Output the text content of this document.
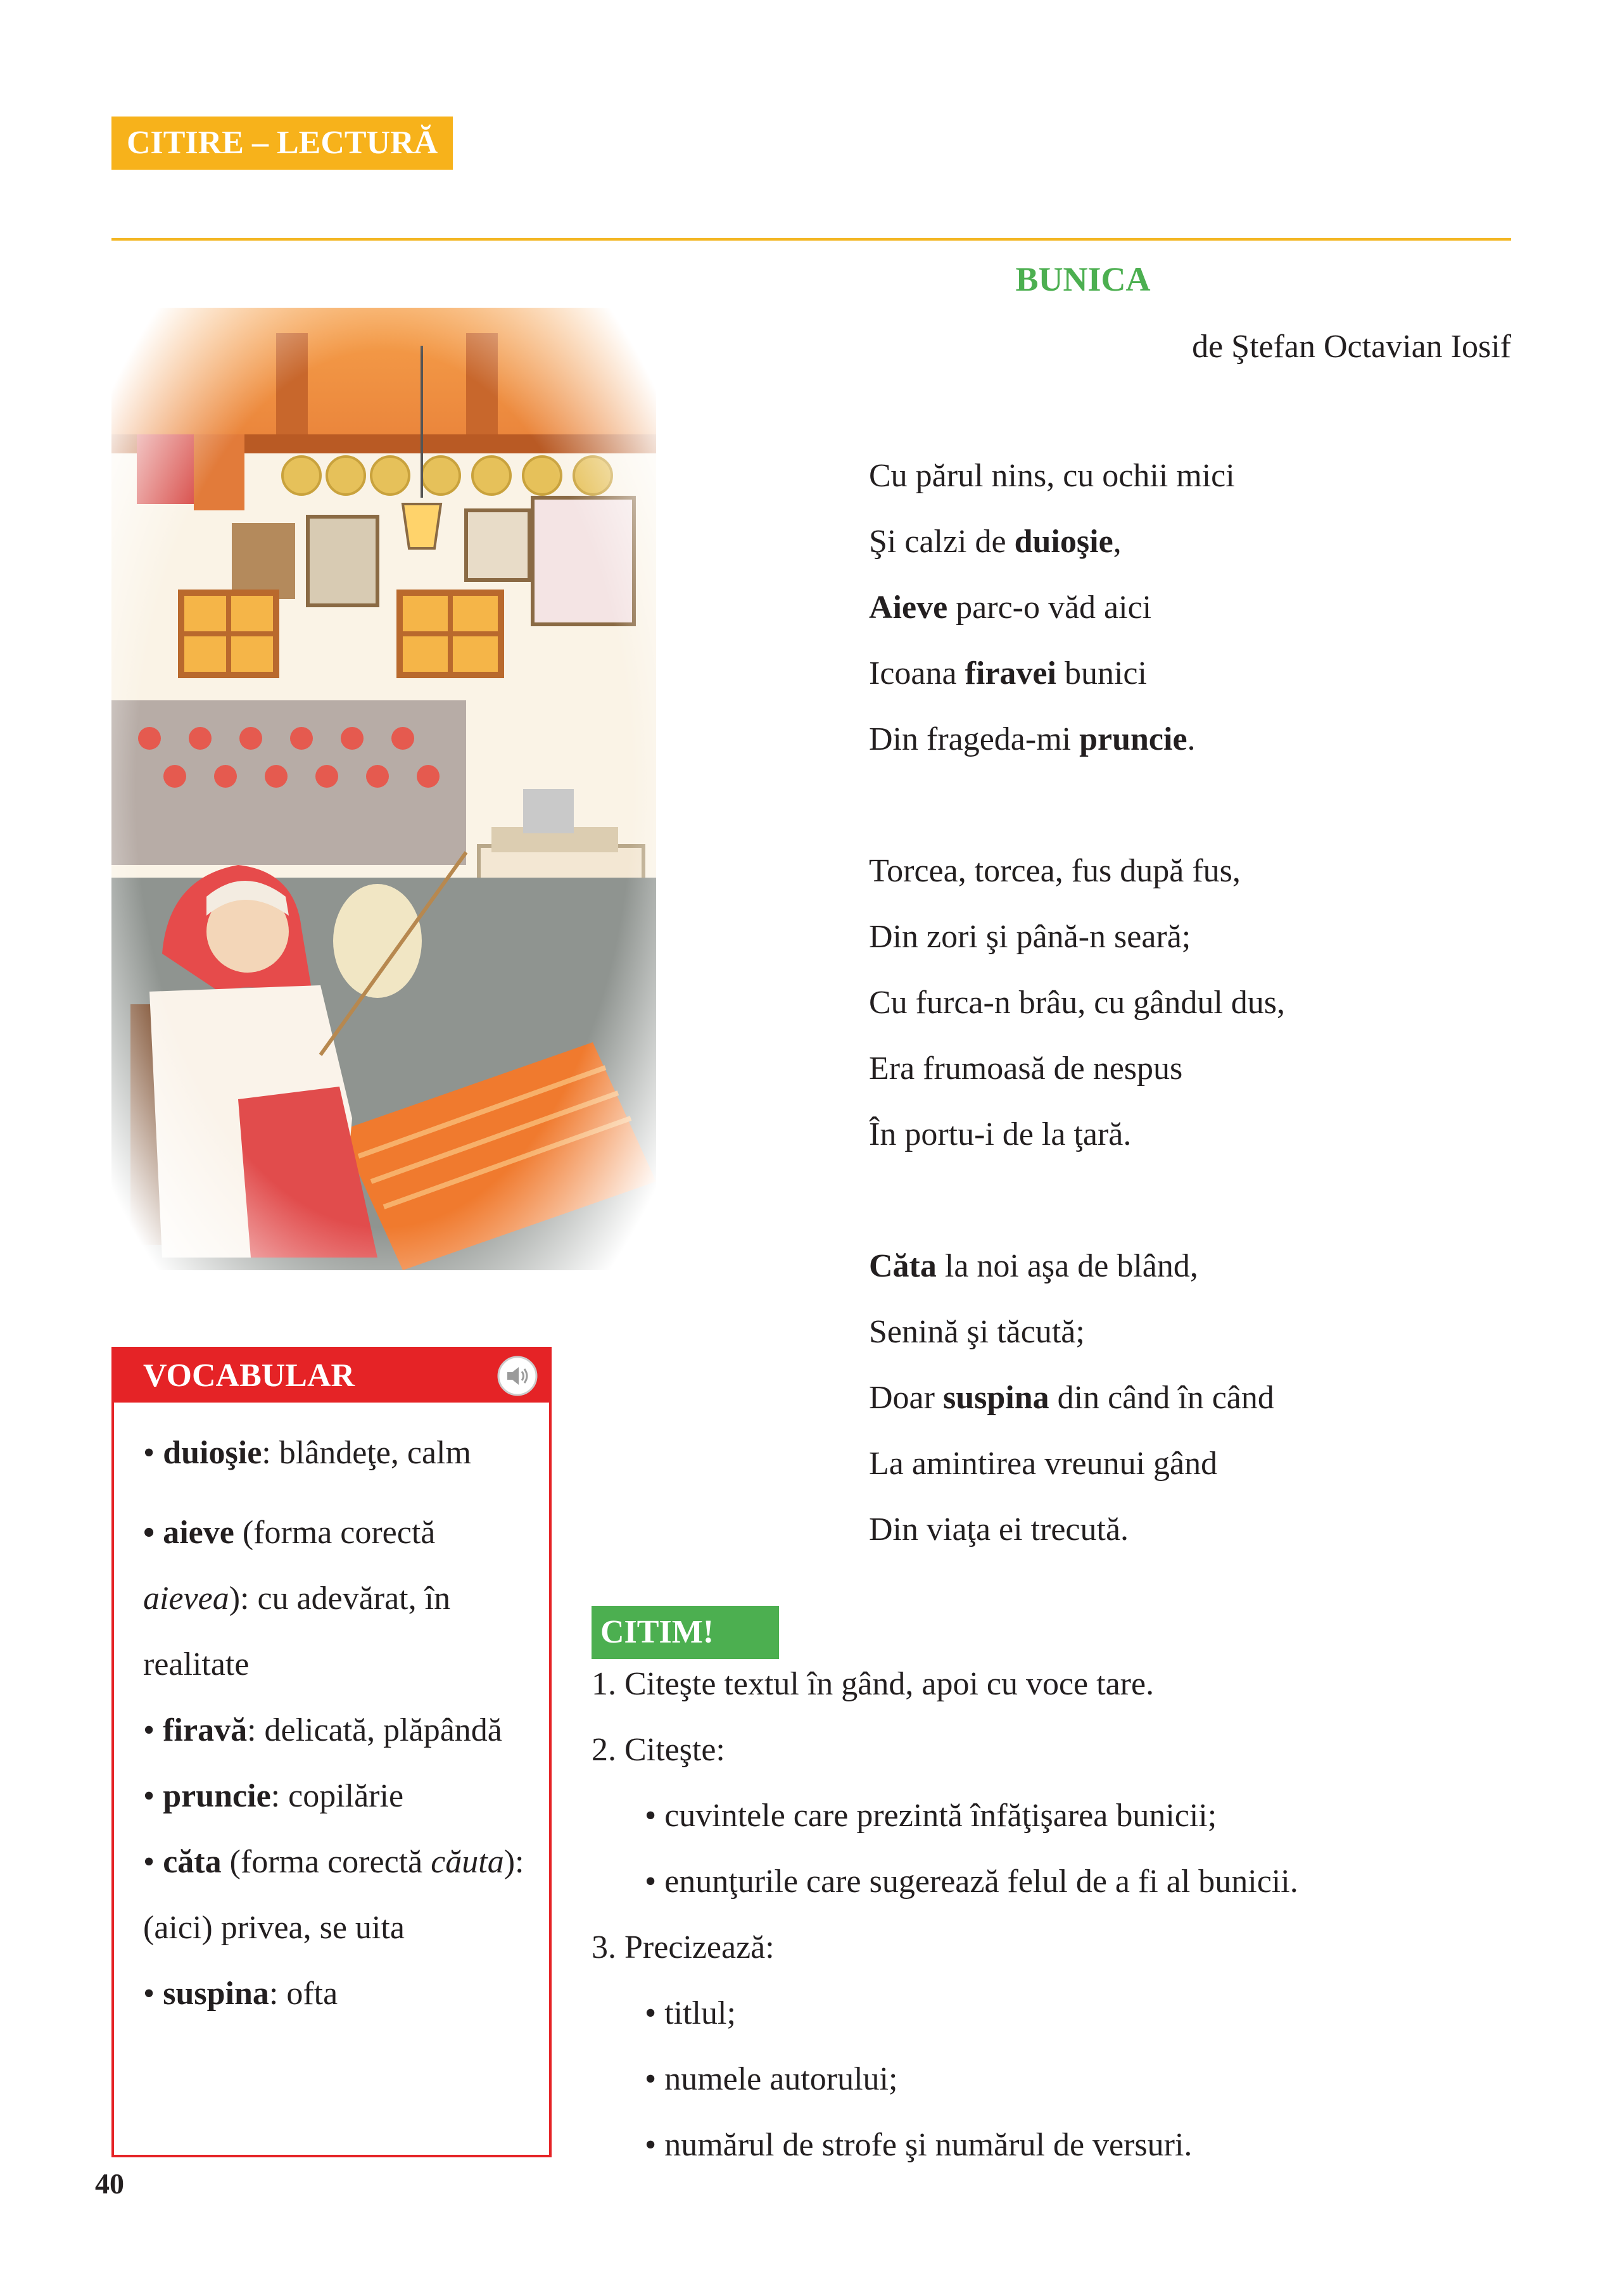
CITIRE – LECTURĂ
BUNICA
de Ştefan Octavian Iosif
Cu părul nins, cu ochii mici
Şi calzi de duioşie,
Aieve parc-o văd aici
Icoana firavei bunici
Din frageda-mi pruncie.
Torcea, torcea, fus după fus,
Din zori şi până-n seară;
Cu furca-n brâu, cu gândul dus,
Era frumoasă de nespus
În portu-i de la ţară.
Căta la noi aşa de blând,
Senină şi tăcută;
Doar suspina din când în când
La amintirea vreunui gând
Din viaţa ei trecută.
VOCABULAR

• duioşie: blândeţe, calm

• aieve (forma corectă aievea): cu adevărat, în realitate

• firavă: delicată, plăpândă

• pruncie: copilărie

• căta (forma corectă căuta): (aici) privea, se uita

• suspina: ofta

CITIM!
1. Citeşte textul în gând, apoi cu voce tare.
2. Citeşte:
• cuvintele care prezintă înfăţişarea bunicii;
• enunţurile care sugerează felul de a fi al bunicii.
3. Precizează:
• titlul;
• numele autorului;
• numărul de strofe şi numărul de versuri.
40
